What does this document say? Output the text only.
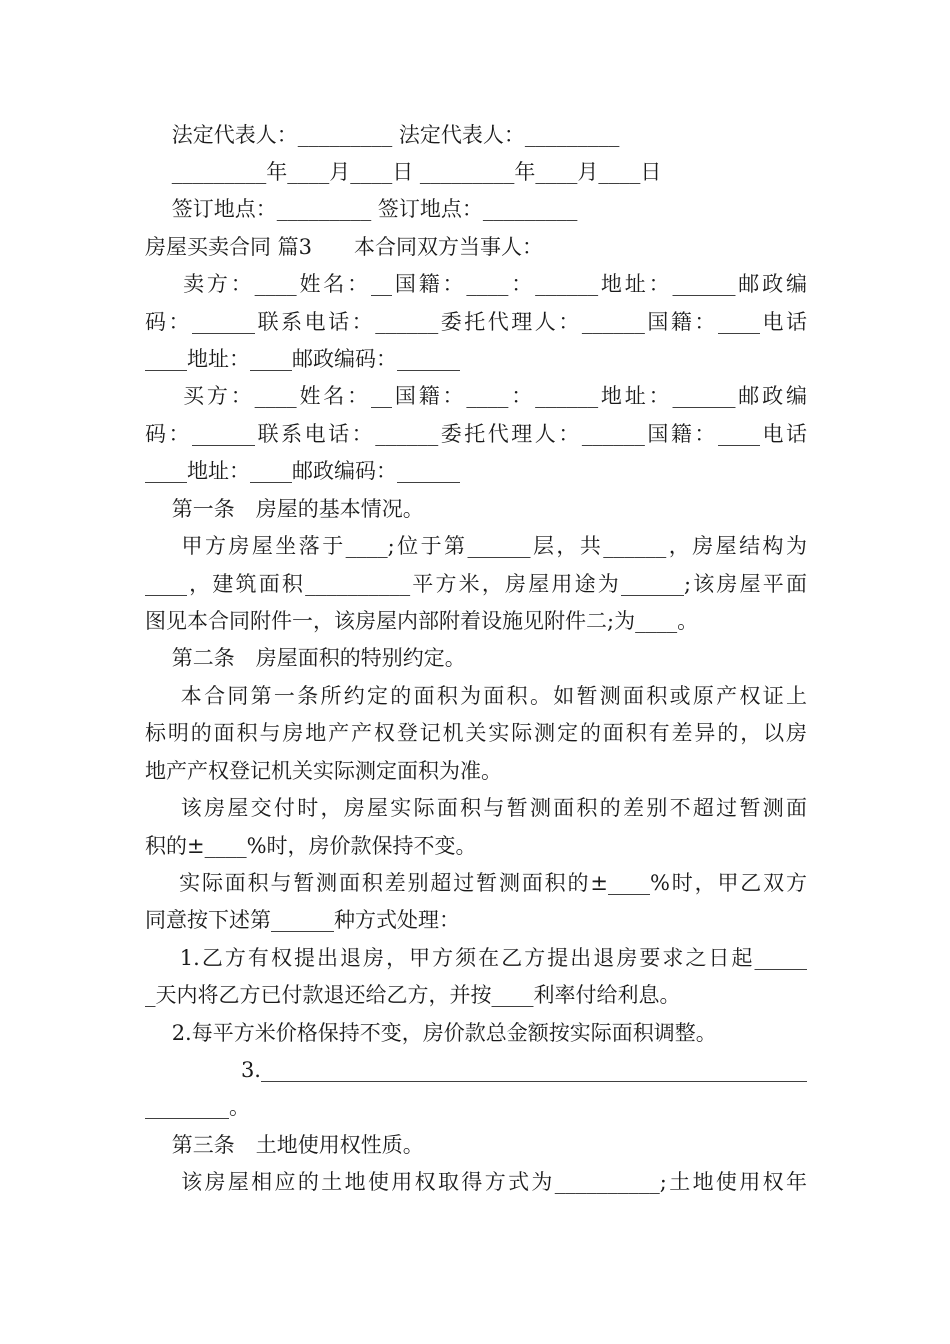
法定代表人：_________ 法定代表人：_________
_________年____月____日 _________年____月____日
签订地点：_________ 签订地点：_________
房屋买卖合同 篇3　　本合同双方当事人：
卖方：____姓名：__国籍：____：______地址：______邮政编
码：______联系电话：______委托代理人：______国籍：____电话
____地址：____邮政编码：______
买方：____姓名：__国籍：____：______地址：______邮政编
码：______联系电话：______委托代理人：______国籍：____电话
____地址：____邮政编码：______
第一条　房屋的基本情况。
甲方房屋坐落于____;位于第______层，共______，房屋结构为
____，建筑面积__________平方米，房屋用途为______;该房屋平面
图见本合同附件一，该房屋内部附着设施见附件二;为____。
第二条　房屋面积的特别约定。
本合同第一条所约定的面积为面积。如暂测面积或原产权证上
标明的面积与房地产产权登记机关实际测定的面积有差异的，以房
地产产权登记机关实际测定面积为准。
该房屋交付时，房屋实际面积与暂测面积的差别不超过暂测面
积的±____%时，房价款保持不变。
实际面积与暂测面积差别超过暂测面积的±____%时，甲乙双方
同意按下述第______种方式处理：
1.乙方有权提出退房，甲方须在乙方提出退房要求之日起_____
_天内将乙方已付款退还给乙方，并按____利率付给利息。
2.每平方米价格保持不变，房价款总金额按实际面积调整。
3.____________________________________________________
________。
第三条　土地使用权性质。
该房屋相应的土地使用权取得方式为__________;土地使用权年
